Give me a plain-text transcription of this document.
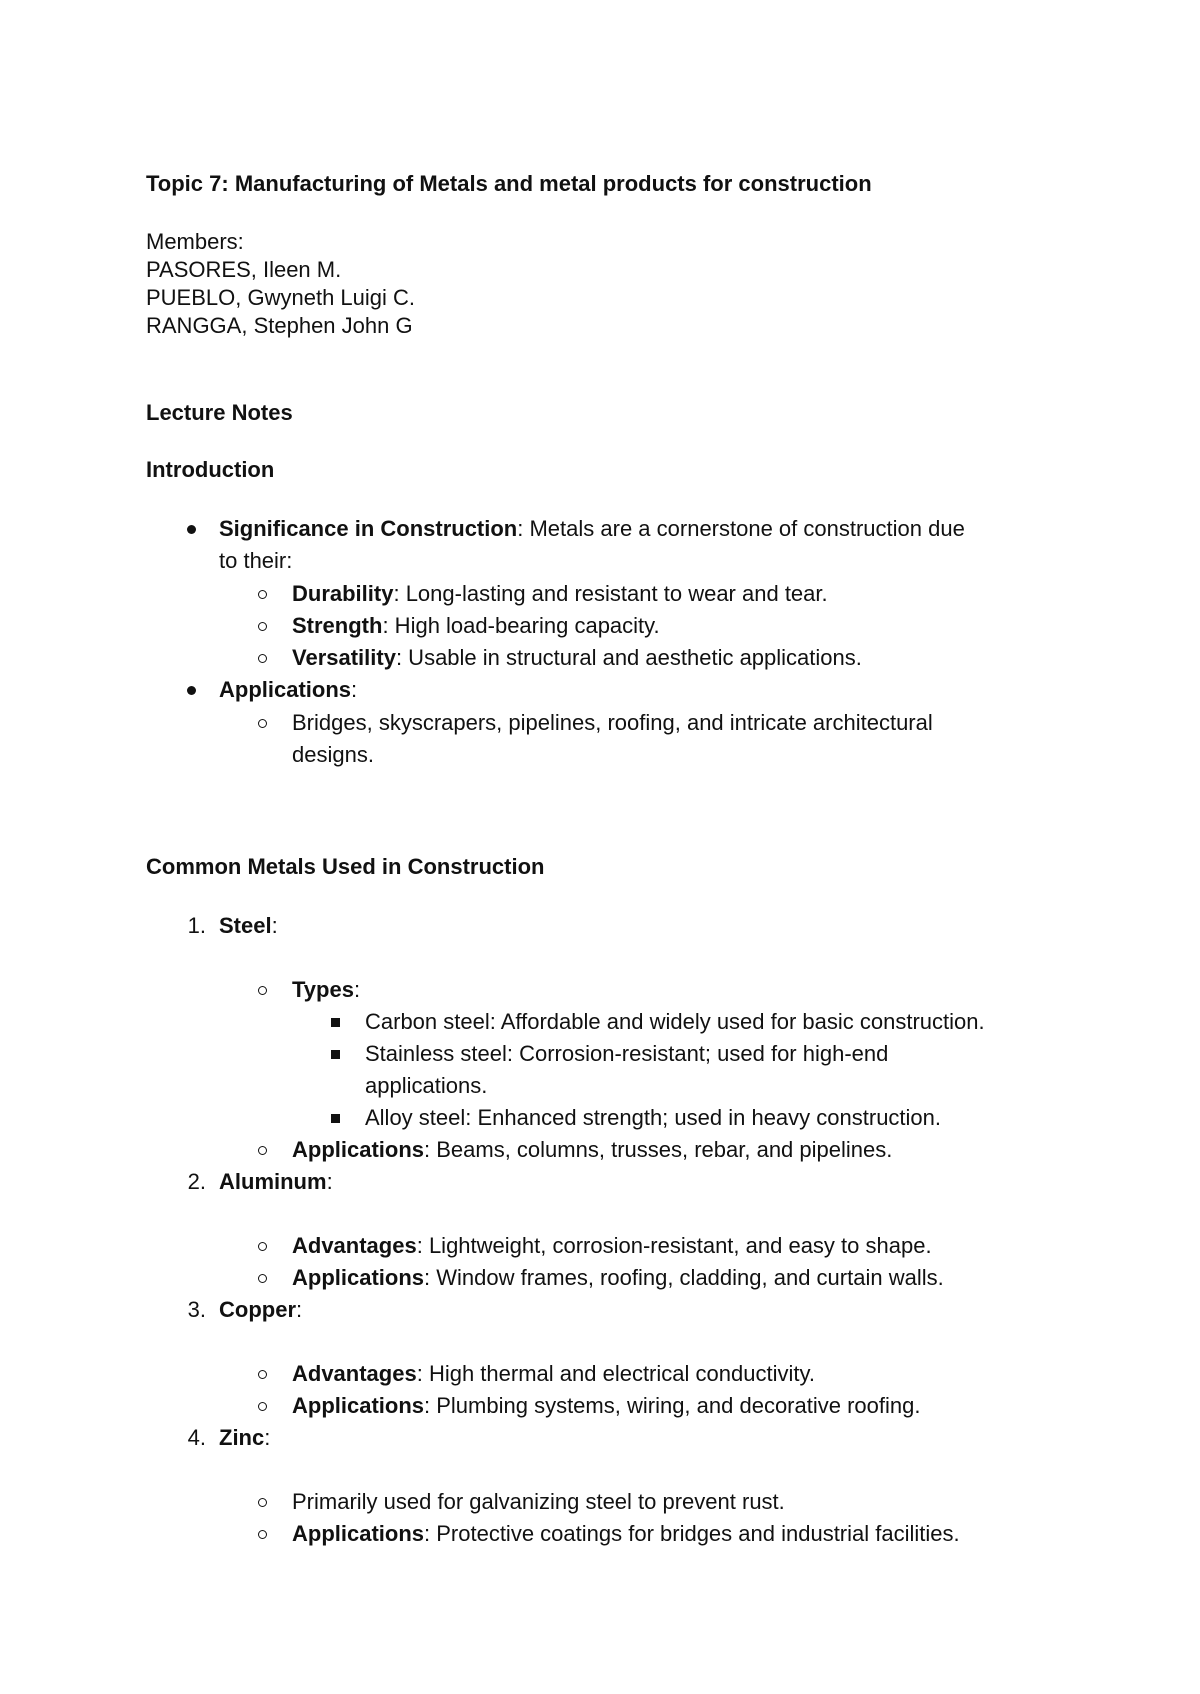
Topic 7: Manufacturing of Metals and metal products for construction
Members:
PASORES, Ileen M.
PUEBLO, Gwyneth Luigi C.
RANGGA, Stephen John G
Lecture Notes
Introduction
Significance in Construction: Metals are a cornerstone of construction due
to their:
Durability: Long-lasting and resistant to wear and tear.
Strength: High load-bearing capacity.
Versatility: Usable in structural and aesthetic applications.
Applications:
Bridges, skyscrapers, pipelines, roofing, and intricate architectural
designs.
Common Metals Used in Construction
1. Steel:
Types:
Carbon steel: Affordable and widely used for basic construction.
Stainless steel: Corrosion-resistant; used for high-end
applications.
Alloy steel: Enhanced strength; used in heavy construction.
Applications: Beams, columns, trusses, rebar, and pipelines.
2. Aluminum:
Advantages: Lightweight, corrosion-resistant, and easy to shape.
Applications: Window frames, roofing, cladding, and curtain walls.
3. Copper:
Advantages: High thermal and electrical conductivity.
Applications: Plumbing systems, wiring, and decorative roofing.
4. Zinc:
Primarily used for galvanizing steel to prevent rust.
Applications: Protective coatings for bridges and industrial facilities.
